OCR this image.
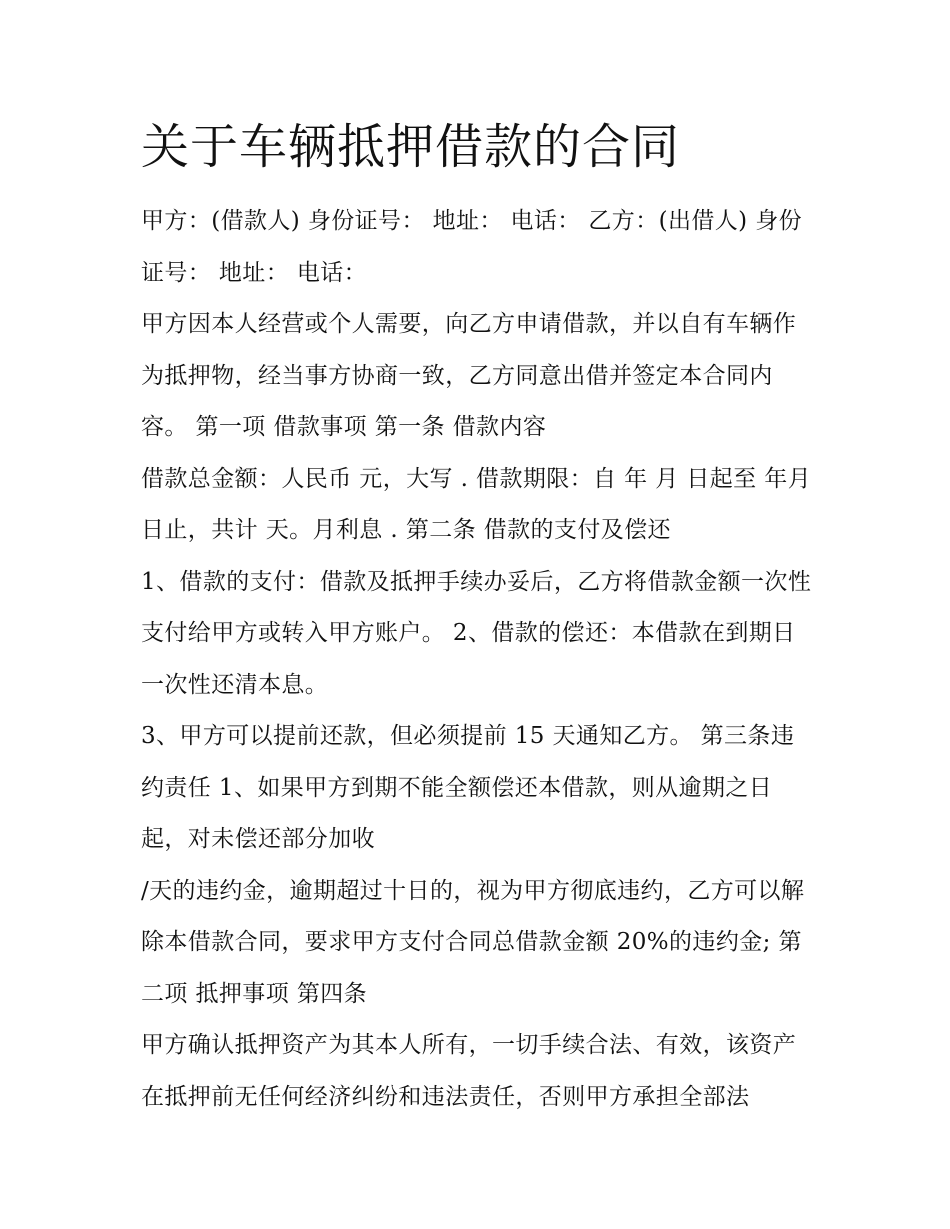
关于车辆抵押借款的合同

甲方：(借款人) 身份证号： 地址： 电话： 乙方：(出借人) 身份证号： 地址： 电话：

甲方因本人经营或个人需要，向乙方申请借款，并以自有车辆作为抵押物，经当事方协商一致，乙方同意出借并签定本合同内容。 第一项 借款事项 第一条 借款内容

借款总金额：人民币 元，大写 . 借款期限：自 年 月 日起至 年月 日止，共计 天。月利息 . 第二条 借款的支付及偿还

1、借款的支付：借款及抵押手续办妥后，乙方将借款金额一次性支付给甲方或转入甲方账户。 2、借款的偿还：本借款在到期日一次性还清本息。

3、甲方可以提前还款，但必须提前 15 天通知乙方。 第三条违约责任 1、如果甲方到期不能全额偿还本借款，则从逾期之日起，对未偿还部分加收

/天的违约金，逾期超过十日的，视为甲方彻底违约，乙方可以解除本借款合同，要求甲方支付合同总借款金额 20%的违约金; 第二项 抵押事项 第四条

甲方确认抵押资产为其本人所有，一切手续合法、有效，该资产在抵押前无任何经济纠纷和违法责任，否则甲方承担全部法
